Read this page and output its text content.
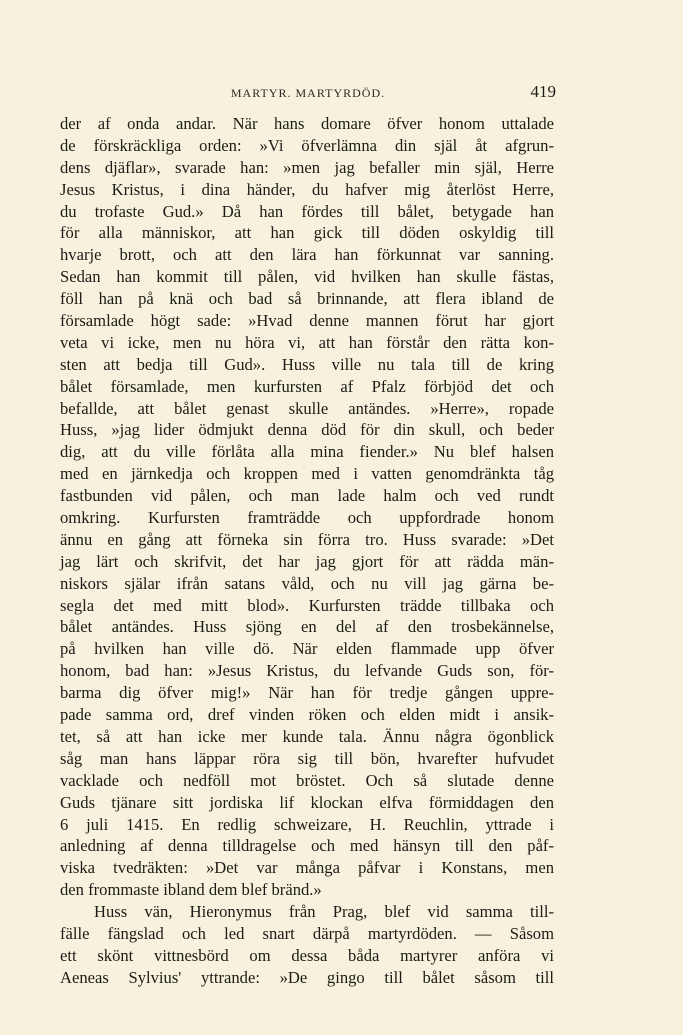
MARTYR. MARTYRDÖD.	419
der af onda andar. När hans domare öfver honom uttalade
de förskräckliga orden: »Vi öfverlämna din själ åt afgrun-
dens djäflar», svarade han: »men jag befaller min själ, Herre
Jesus Kristus, i dina händer, du hafver mig återlöst Herre,
du trofaste Gud.» Då han fördes till bålet, betygade han
för alla människor, att han gick till döden oskyldig till
hvarje brott, och att den lära han förkunnat var sanning.
Sedan han kommit till pålen, vid hvilken han skulle fästas,
föll han på knä och bad så brinnande, att flera ibland de
församlade högt sade: »Hvad denne mannen förut har gjort
veta vi icke, men nu höra vi, att han förstår den rätta kon-
sten att bedja till Gud». Huss ville nu tala till de kring
bålet församlade, men kurfursten af Pfalz förbjöd det och
befallde, att bålet genast skulle antändes. »Herre», ropade
Huss, »jag lider ödmjukt denna död för din skull, och beder
dig, att du ville förlåta alla mina fiender.» Nu blef halsen
med en järnkedja och kroppen med i vatten genomdränkta tåg
fastbunden vid pålen, och man lade halm och ved rundt
omkring. Kurfursten framträdde och uppfordrade honom
ännu en gång att förneka sin förra tro. Huss svarade: »Det
jag lärt och skrifvit, det har jag gjort för att rädda män-
niskors själar ifrån satans våld, och nu vill jag gärna be-
segla det med mitt blod». Kurfursten trädde tillbaka och
bålet antändes. Huss sjöng en del af den trosbekännelse,
på hvilken han ville dö. När elden flammade upp öfver
honom, bad han: »Jesus Kristus, du lefvande Guds son, för-
barma dig öfver mig!» När han för tredje gången uppre-
pade samma ord, dref vinden röken och elden midt i ansik-
tet, så att han icke mer kunde tala. Ännu några ögonblick
såg man hans läppar röra sig till bön, hvarefter hufvudet
vacklade och nedföll mot bröstet. Och så slutade denne
Guds tjänare sitt jordiska lif klockan elfva förmiddagen den
6 juli 1415. En redlig schweizare, H. Reuchlin, yttrade i
anledning af denna tilldragelse och med hänsyn till den påf-
viska tvedräkten: »Det var många påfvar i Konstans, men
den frommaste ibland dem blef bränd.»
Huss vän, Hieronymus från Prag, blef vid samma till-
fälle fängslad och led snart därpå martyrdöden. — Såsom
ett skönt vittnesbörd om dessa båda martyrer anföra vi
Aeneas Sylvius' yttrande: »De gingo till bålet såsom till
